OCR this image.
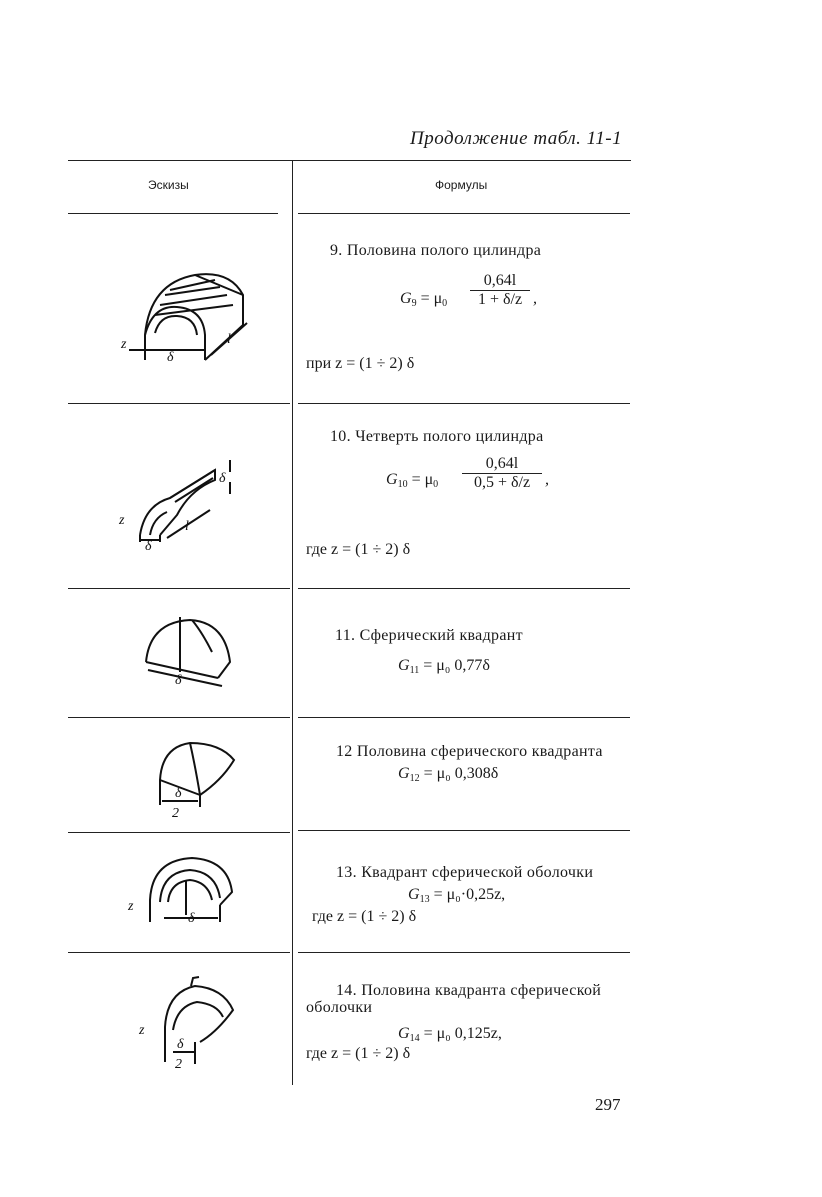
Продолжение табл. 11-1
Эскизы	Формулы
z
δ
l
9. Половина полого цилиндра
$G_9 = \mu_0 \frac{0,64l}{1 + \delta/z}$ ,
при z = (1 ÷ 2) δ
z
δ
l
δ
10. Четверть полого цилиндра
$G_{10} = \mu_0 \frac{0,64l}{0,5 + \delta/z}$ ,
где z = (1 ÷ 2) δ
δ
11. Сферический квадрант
$G_{11} = \mu_0$ 0,77δ
δ
2
12 Половина сферического квадранта
$G_{12} = \mu_0$ 0,308δ
z
δ
13. Квадрант сферической оболочки
$G_{13} = \mu_0\cdot 0,25z$,
где z = (1 ÷ 2) δ
z
δ
2
14. Половина квадранта сферической оболочки
$G_{14} = \mu_0$ 0,125z,
где z = (1 ÷ 2) δ
297
